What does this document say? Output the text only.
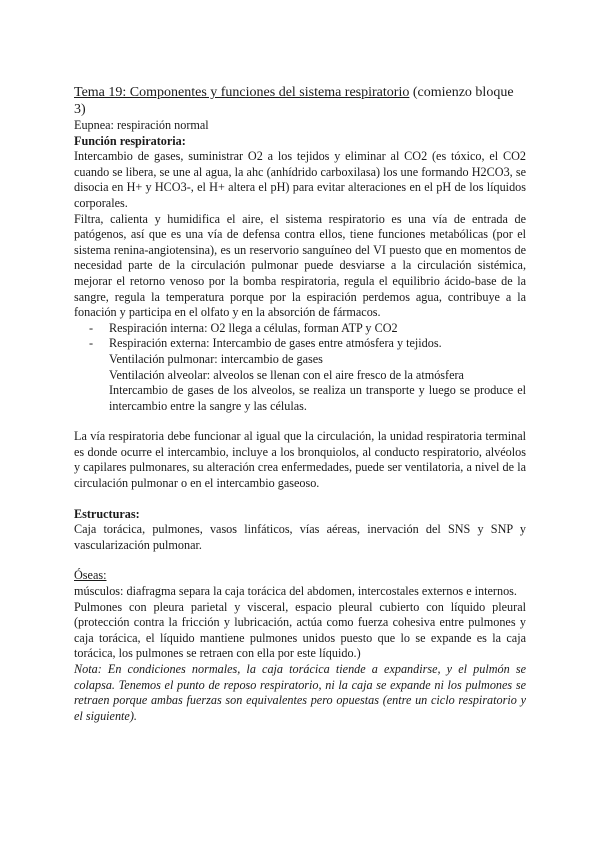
Tema 19: Componentes y funciones del sistema respiratorio (comienzo bloque 3)

Eupnea: respiración normal

Función respiratoria:

Intercambio de gases, suministrar O2 a los tejidos y eliminar al CO2 (es tóxico, el CO2 cuando se libera, se une al agua, la ahc (anhídrido carboxilasa) los une formando H2CO3, se disocia en H+ y HCO3-, el H+ altera el pH) para evitar alteraciones en el pH de los líquidos corporales.

Filtra, calienta y humidifica el aire, el sistema respiratorio es una vía de entrada de patógenos, así que es una vía de defensa contra ellos, tiene funciones metabólicas (por el sistema renina-angiotensina), es un reservorio sanguíneo del VI puesto que en momentos de necesidad parte de la circulación pulmonar puede desviarse a la circulación sistémica, mejorar el retorno venoso por la bomba respiratoria, regula el equilibrio ácido-base de la sangre, regula la temperatura porque por la espiración perdemos agua, contribuye a la fonación y participa en el olfato y en la absorción de fármacos.

- Respiración interna: O2 llega a células, forman ATP y CO2
- Respiración externa: Intercambio de gases entre atmósfera y tejidos.

Ventilación pulmonar: intercambio de gases

Ventilación alveolar: alveolos se llenan con el aire fresco de la atmósfera

Intercambio de gases de los alveolos, se realiza un transporte y luego se produce el intercambio entre la sangre y las células.

La vía respiratoria debe funcionar al igual que la circulación, la unidad respiratoria terminal es donde ocurre el intercambio, incluye a los bronquiolos, al conducto respiratorio, alvéolos y capilares pulmonares, su alteración crea enfermedades, puede ser ventilatoria, a nivel de la circulación pulmonar o en el intercambio gaseoso.

Estructuras:

Caja torácica, pulmones, vasos linfáticos, vías aéreas, inervación del SNS y SNP y vascularización pulmonar.

Óseas:

músculos: diafragma separa la caja torácica del abdomen, intercostales externos e internos.

Pulmones con pleura parietal y visceral, espacio pleural cubierto con líquido pleural (protección contra la fricción y lubricación, actúa como fuerza cohesiva entre pulmones y caja torácica, el líquido mantiene pulmones unidos puesto que lo se expande es la caja torácica, los pulmones se retraen con ella por este líquido.)

Nota: En condiciones normales, la caja torácica tiende a expandirse, y el pulmón se colapsa. Tenemos el punto de reposo respiratorio, ni la caja se expande ni los pulmones se retraen porque ambas fuerzas son equivalentes pero opuestas (entre un ciclo respiratorio y el siguiente).
